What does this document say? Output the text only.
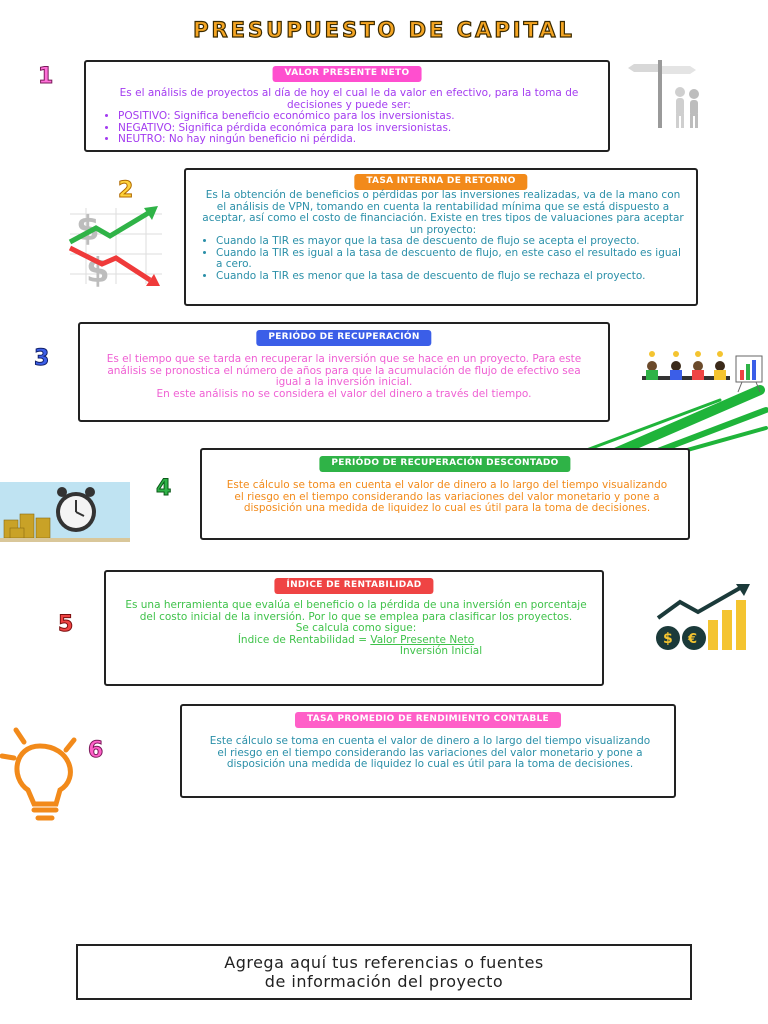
PRESUPUESTO DE CAPITAL
1	VALOR PRESENTE NETO
Es el análisis de proyectos al día de hoy el cual le da valor en efectivo, para la toma de decisiones y puede ser:
• POSITIVO: Significa beneficio económico para los inversionistas.
• NEGATIVO: Significa pérdida económica para los inversionistas.
• NEUTRO: No hay ningún beneficio ni pérdida.
2	TASA INTERNA DE RETORNO
Es la obtención de beneficios o pérdidas por las inversiones realizadas, va de la mano con el análisis de VPN, tomando en cuenta la rentabilidad mínima que se está dispuesto a aceptar, así como el costo de financiación. Existe en tres tipos de valuaciones para aceptar un proyecto:
• Cuando la TIR es mayor que la tasa de descuento de flujo se acepta el proyecto.
• Cuando la TIR es igual a la tasa de descuento de flujo, en este caso el resultado es igual a cero.
• Cuando la TIR es menor que la tasa de descuento de flujo se rechaza el proyecto.
$
$
3
PERIÓDO DE RECUPERACIÓN
Es el tiempo que se tarda en recuperar la inversión que se hace en un proyecto. Para este análisis se pronostica el número de años para que la acumulación de flujo de efectivo sea igual a la inversión inicial.
En este análisis no se considera el valor del dinero a través del tiempo.
4
PERIÓDO DE RECUPERACIÓN DESCONTADO
Este cálculo se toma en cuenta el valor de dinero a lo largo del tiempo visualizando el riesgo en el tiempo considerando las variaciones del valor monetario y pone a disposición una medida de liquidez lo cual es útil para la toma de decisiones.
5
ÍNDICE DE RENTABILIDAD
Es una herramienta que evalúa el beneficio o la pérdida de una inversión en porcentaje del costo inicial de la inversión. Por lo que se emplea para clasificar los proyectos.
Se calcula como sigue:
Índice de Rentabilidad = Valor Presente Neto
Inversión Inicial
$ €
6
TASA PROMEDIO DE RENDIMIENTO CONTABLE
Este cálculo se toma en cuenta el valor de dinero a lo largo del tiempo visualizando el riesgo en el tiempo considerando las variaciones del valor monetario y pone a disposición una medida de liquidez lo cual es útil para la toma de decisiones.
Agrega aquí tus referencias o fuentes
de información del proyecto
